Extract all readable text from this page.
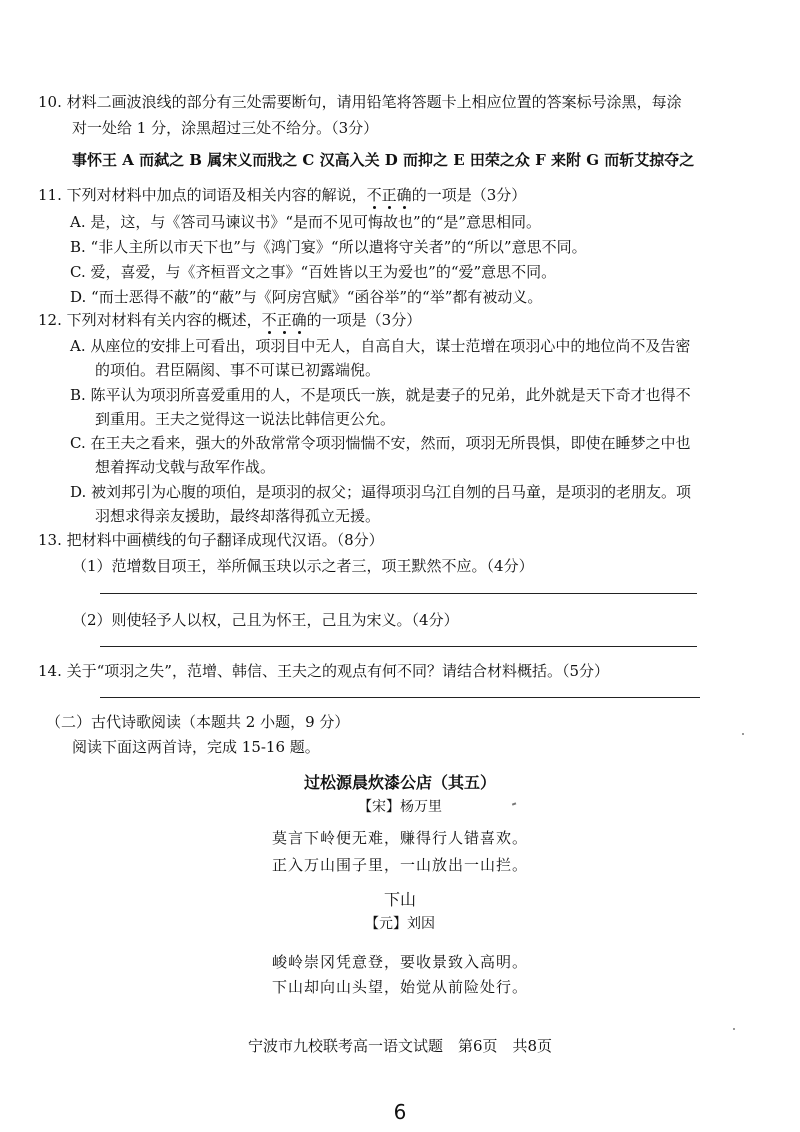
10. 材料二画波浪线的部分有三处需要断句，请用铅笔将答题卡上相应位置的答案标号涂黑，每涂
对一处给 1 分，涂黑超过三处不给分。（3分）
事怀王 A 而弑之 B 属宋义而戕之 C 汉高入关 D 而抑之 E 田荣之众 F 来附 G 而斩艾掠夺之
11. 下列对材料中加点的词语及相关内容的解说，不正确的一项是（3分）
A. 是，这，与《答司马谏议书》“是而不见可悔故也”的“是”意思相同。
B. “非人主所以市天下也”与《鸿门宴》“所以遣将守关者”的“所以”意思不同。
C. 爱，喜爱，与《齐桓晋文之事》“百姓皆以王为爱也”的“爱”意思不同。
D. “而士恶得不蔽”的“蔽”与《阿房宫赋》“函谷举”的“举”都有被动义。
12. 下列对材料有关内容的概述，不正确的一项是（3分）
A. 从座位的安排上可看出，项羽目中无人，自高自大，谋士范增在项羽心中的地位尚不及告密
的项伯。君臣隔阂、事不可谋已初露端倪。
B. 陈平认为项羽所喜爱重用的人，不是项氏一族，就是妻子的兄弟，此外就是天下奇才也得不
到重用。王夫之觉得这一说法比韩信更公允。
C. 在王夫之看来，强大的外敌常常令项羽惴惴不安，然而，项羽无所畏惧，即使在睡梦之中也
想着挥动戈戟与敌军作战。
D. 被刘邦引为心腹的项伯，是项羽的叔父；逼得项羽乌江自刎的吕马童，是项羽的老朋友。项
羽想求得亲友援助，最终却落得孤立无援。
13. 把材料中画横线的句子翻译成现代汉语。（8分）
（1）范增数目项王，举所佩玉玦以示之者三，项王默然不应。（4分）
（2）则使轻予人以权，己且为怀王，己且为宋义。（4分）
14. 关于“项羽之失”，范增、韩信、王夫之的观点有何不同？请结合材料概括。（5分）
（二）古代诗歌阅读（本题共 2 小题，9 分）
阅读下面这两首诗，完成 15-16 题。
过松源晨炊漆公店（其五）
【宋】杨万里
莫言下岭便无难，赚得行人错喜欢。
正入万山围子里，一山放出一山拦。
下山
【元】刘因
峻岭崇冈凭意登，要收景致入高明。
下山却向山头望，始觉从前险处行。
宁波市九校联考高一语文试题　第6页　共8页
6
